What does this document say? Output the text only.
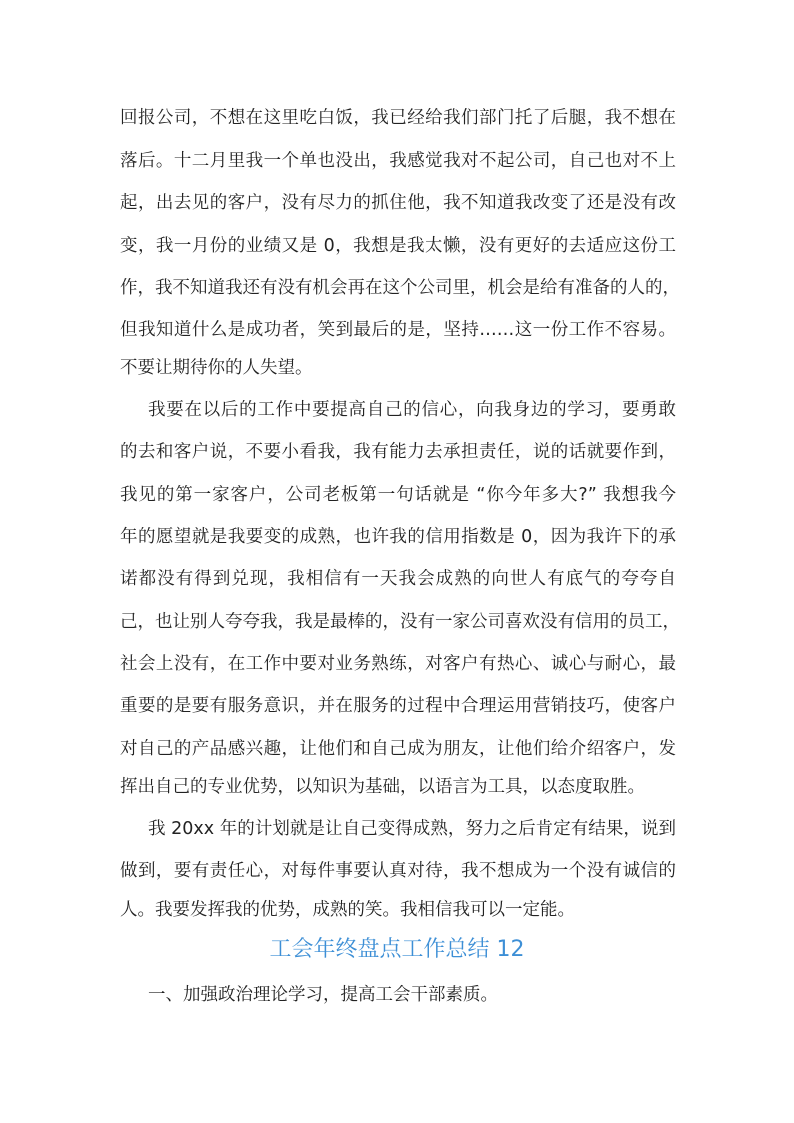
回报公司，不想在这里吃白饭，我已经给我们部门托了后腿，我不想在
落后。十二月里我一个单也没出，我感觉我对不起公司，自己也对不上
起，出去见的客户，没有尽力的抓住他，我不知道我改变了还是没有改
变，我一月份的业绩又是 0，我想是我太懒，没有更好的去适应这份工
作，我不知道我还有没有机会再在这个公司里，机会是给有准备的人的，
但我知道什么是成功者，笑到最后的是，坚持……这一份工作不容易。
不要让期待你的人失望。
我要在以后的工作中要提高自己的信心，向我身边的学习，要勇敢
的去和客户说，不要小看我，我有能力去承担责任，说的话就要作到，
我见的第一家客户，公司老板第一句话就是 “你今年多大?” 我想我今
年的愿望就是我要变的成熟，也许我的信用指数是 0，因为我许下的承
诺都没有得到兑现，我相信有一天我会成熟的向世人有底气的夸夸自
己，也让别人夸夸我，我是最棒的，没有一家公司喜欢没有信用的员工，
社会上没有，在工作中要对业务熟练，对客户有热心、诚心与耐心，最
重要的是要有服务意识，并在服务的过程中合理运用营销技巧，使客户
对自己的产品感兴趣，让他们和自己成为朋友，让他们给介绍客户，发
挥出自己的专业优势，以知识为基础，以语言为工具，以态度取胜。
我 20xx 年的计划就是让自己变得成熟，努力之后肯定有结果，说到
做到，要有责任心，对每件事要认真对待，我不想成为一个没有诚信的
人。我要发挥我的优势，成熟的笑。我相信我可以一定能。
工会年终盘点工作总结 12
一、加强政治理论学习，提高工会干部素质。
